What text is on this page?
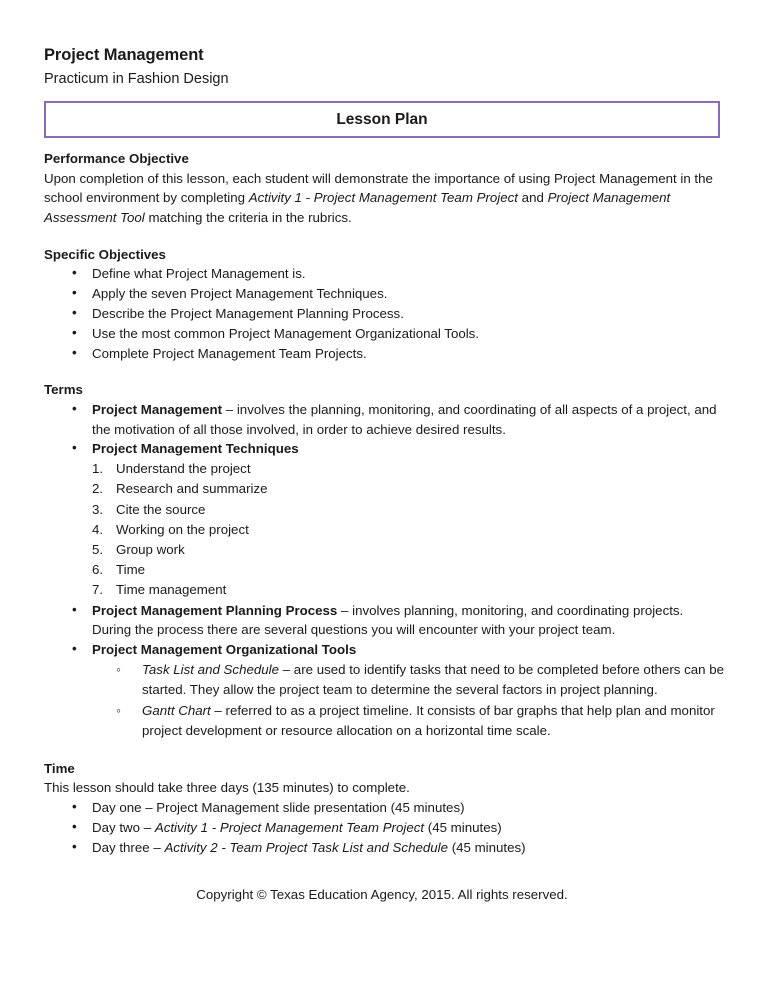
Project Management
Practicum in Fashion Design
Lesson Plan
Performance Objective

Upon completion of this lesson, each student will demonstrate the importance of using Project Management in the school environment by completing Activity 1 - Project Management Team Project and Project Management Assessment Tool matching the criteria in the rubrics.

Specific Objectives
• Define what Project Management is.
• Apply the seven Project Management Techniques.
• Describe the Project Management Planning Process.
• Use the most common Project Management Organizational Tools.
• Complete Project Management Team Projects.
Terms
• Project Management – involves the planning, monitoring, and coordinating of all aspects of a project, and the motivation of all those involved, in order to achieve desired results.
• Project Management Techniques
1. Understand the project
2. Research and summarize
3. Cite the source
4. Working on the project
5. Group work
6. Time
7. Time management
• Project Management Planning Process – involves planning, monitoring, and coordinating projects. During the process there are several questions you will encounter with your project team.
• Project Management Organizational Tools
◦ Task List and Schedule – are used to identify tasks that need to be completed before others can be started. They allow the project team to determine the several factors in project planning.
◦ Gantt Chart – referred to as a project timeline. It consists of bar graphs that help plan and monitor project development or resource allocation on a horizontal time scale.
Time

This lesson should take three days (135 minutes) to complete.

• Day one – Project Management slide presentation (45 minutes)
• Day two – Activity 1 - Project Management Team Project (45 minutes)
• Day three – Activity 2 - Team Project Task List and Schedule (45 minutes)
Copyright © Texas Education Agency, 2015. All rights reserved.
